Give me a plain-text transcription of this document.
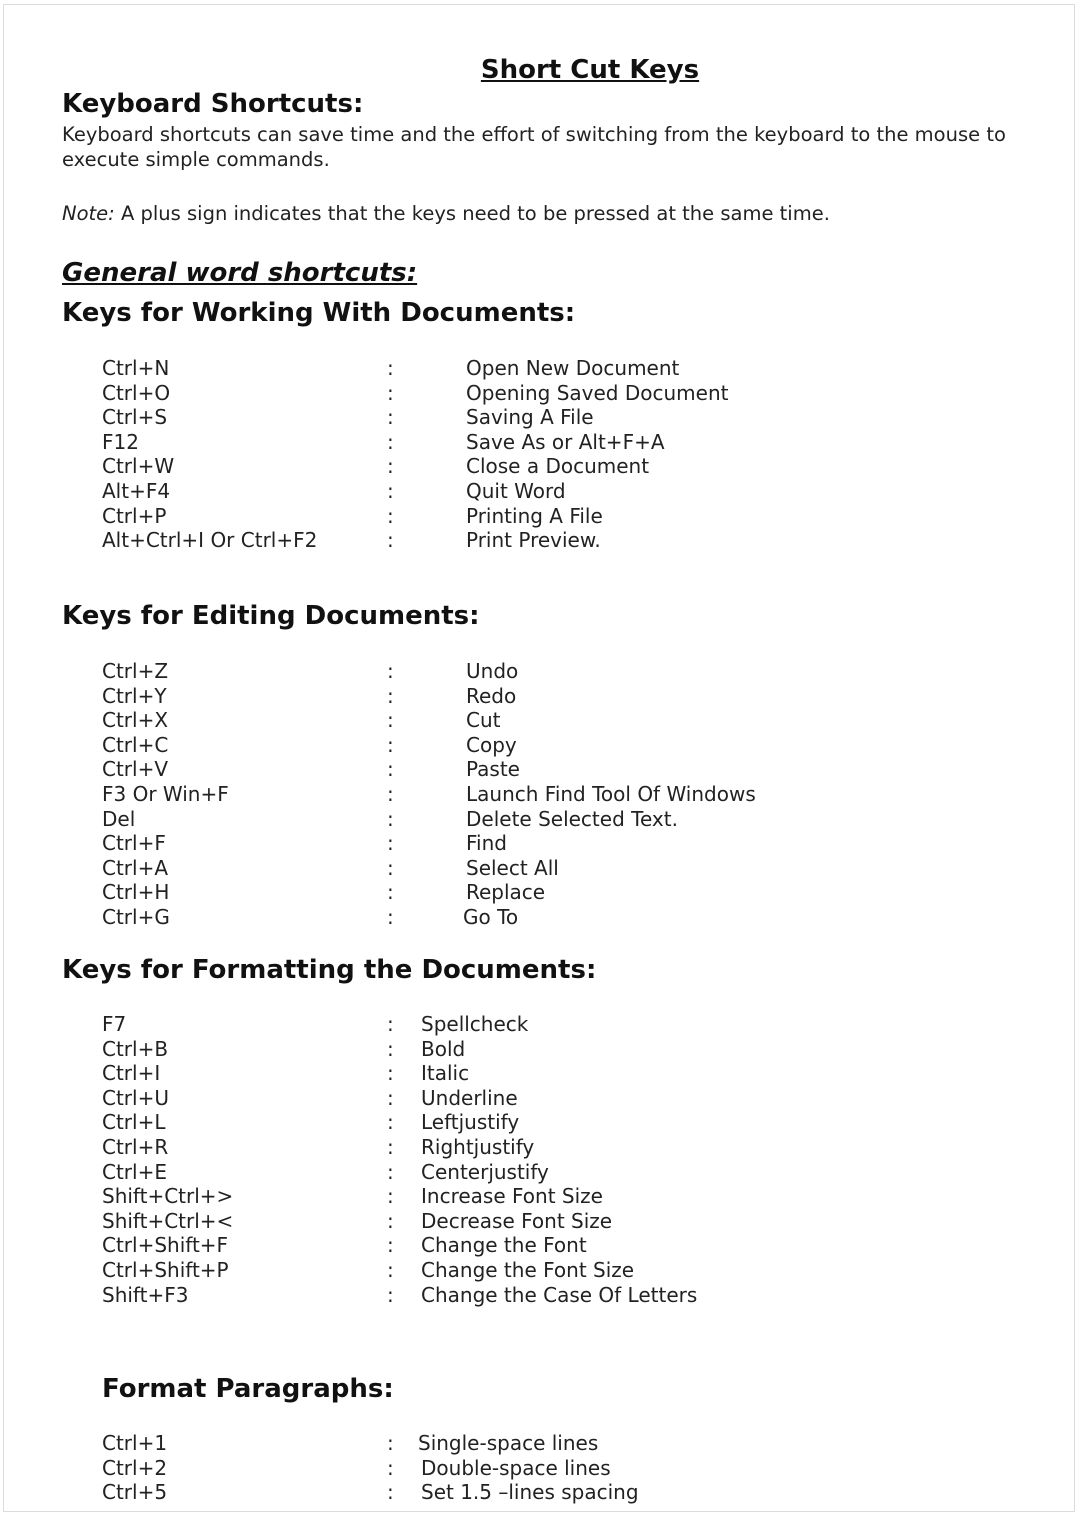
Short Cut Keys
Keyboard Shortcuts:

Keyboard shortcuts can save time and the effort of switching from the keyboard to the mouse to execute simple commands.

Note: A plus sign indicates that the keys need to be pressed at the same time.

General word shortcuts:
Keys for Working With Documents:
Ctrl+N	:	Open New Document
Ctrl+O	:	Opening Saved Document
Ctrl+S	:	Saving A File
F12	:	Save As or Alt+F+A
Ctrl+W	:	Close a Document
Alt+F4	:	Quit Word
Ctrl+P	:	Printing A File
Alt+Ctrl+I Or Ctrl+F2	:	Print Preview.
Keys for Editing Documents:
Ctrl+Z	:	Undo
Ctrl+Y	:	Redo
Ctrl+X	:	Cut
Ctrl+C	:	Copy
Ctrl+V	:	Paste
F3 Or Win+F	:	Launch Find Tool Of Windows
Del	:	Delete Selected Text.
Ctrl+F	:	Find
Ctrl+A	:	Select All
Ctrl+H	:	Replace
Ctrl+G	:	Go To
Keys for Formatting the Documents:
F7	: Spellcheck
Ctrl+B	: Bold
Ctrl+I	: Italic
Ctrl+U	: Underline
Ctrl+L	: Leftjustify
Ctrl+R	: Rightjustify
Ctrl+E	: Centerjustify
Shift+Ctrl+>	: Increase Font Size
Shift+Ctrl+<	: Decrease Font Size
Ctrl+Shift+F	: Change the Font
Ctrl+Shift+P	: Change the Font Size
Shift+F3	: Change the Case Of Letters
Format Paragraphs:
Ctrl+1	: Single-space lines
Ctrl+2	: Double-space lines
Ctrl+5	: Set 1.5 –lines spacing
